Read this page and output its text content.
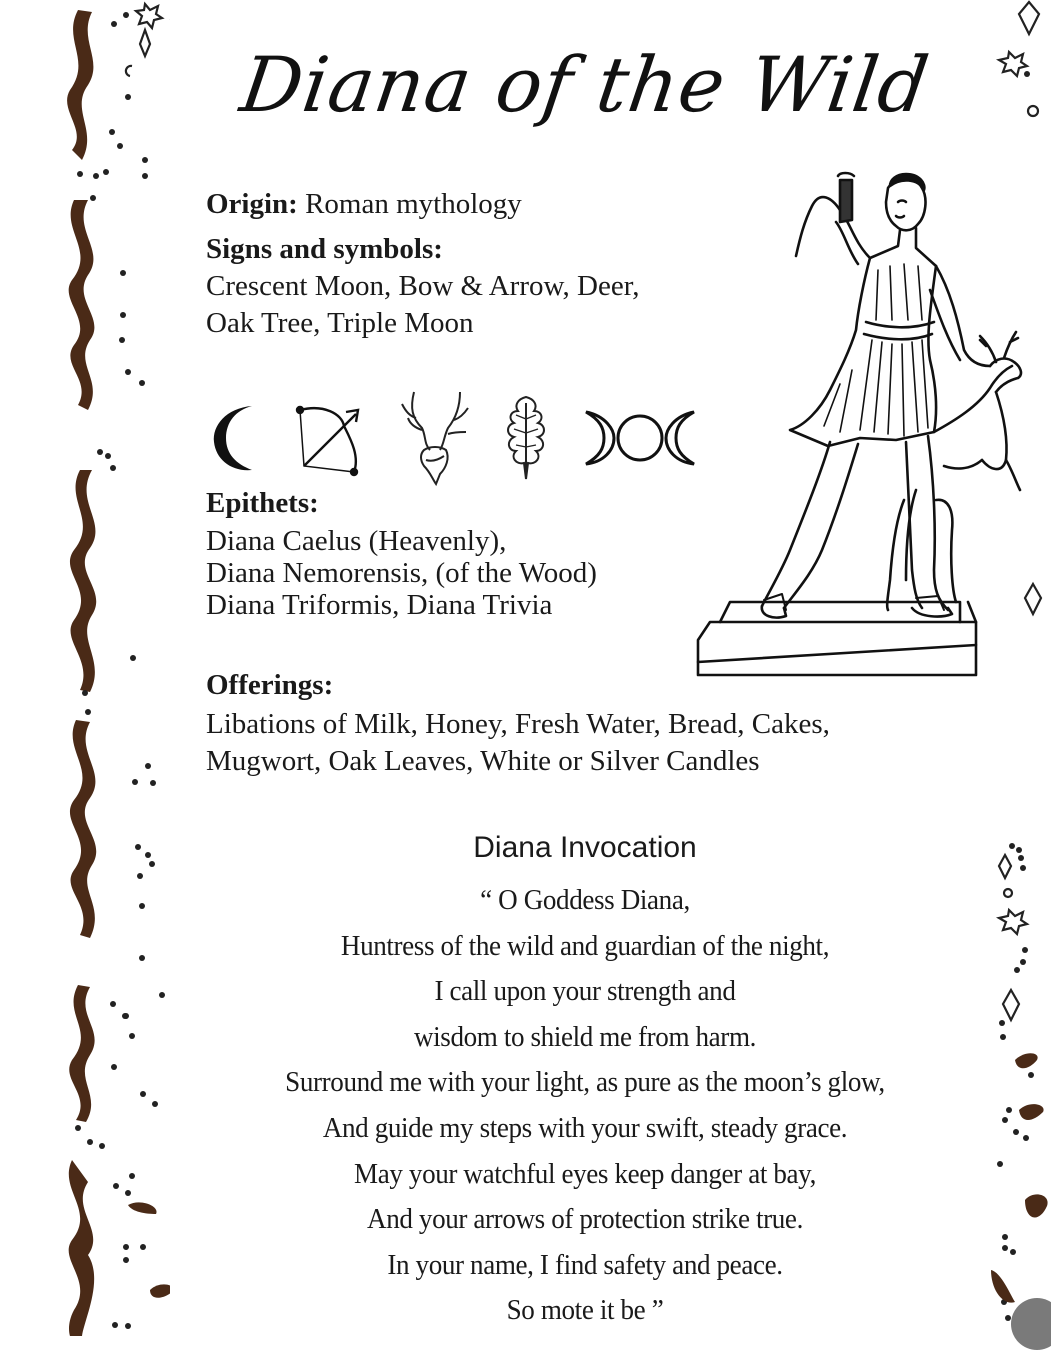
Diana of the Wild
Origin: Roman mythology
Signs and symbols:
Crescent Moon, Bow & Arrow, Deer,
Oak Tree, Triple Moon
Epithets:
Diana Caelus (Heavenly),
Diana Nemorensis, (of the Wood)
Diana Triformis, Diana Trivia
Offerings:
Libations of Milk, Honey, Fresh Water, Bread, Cakes,
Mugwort, Oak Leaves, White or Silver Candles
Diana Invocation
“ O Goddess Diana,
Huntress of the wild and guardian of the night,
I call upon your strength and
wisdom to shield me from harm.
Surround me with your light, as pure as the moon’s glow,
And guide my steps with your swift, steady grace.
May your watchful eyes keep danger at bay,
And your arrows of protection strike true.
In your name, I find safety and peace.
So mote it be ”
